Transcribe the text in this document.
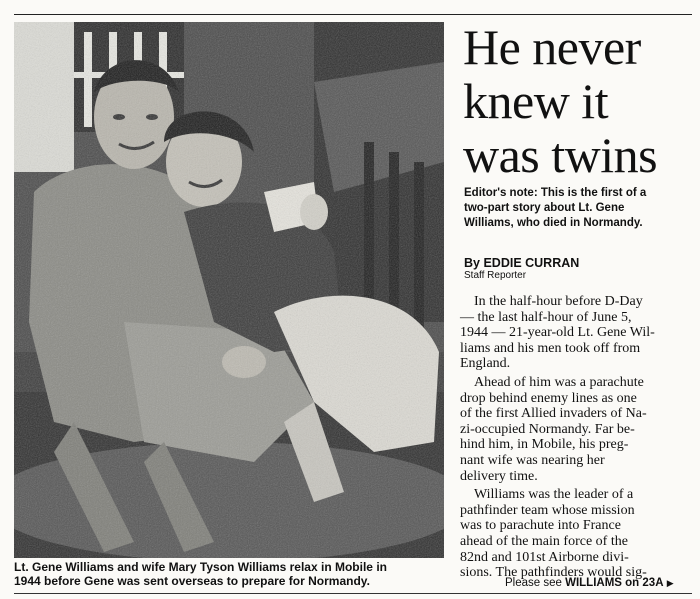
Lt. Gene Williams and wife Mary Tyson Williams relax in Mobile in
1944 before Gene was sent overseas to prepare for Normandy.
He never
knew it
was twins
Editor's note: This is the first of a
two-part story about Lt. Gene
Williams, who died in Normandy.
By EDDIE CURRAN
Staff Reporter
In the half-hour before D-Day
— the last half-hour of June 5,
1944 — 21-year-old Lt. Gene Wil-
liams and his men took off from
England.
Ahead of him was a parachute
drop behind enemy lines as one
of the first Allied invaders of Na-
zi-occupied Normandy. Far be-
hind him, in Mobile, his preg-
nant wife was nearing her
delivery time.
Williams was the leader of a
pathfinder team whose mission
was to parachute into France
ahead of the main force of the
82nd and 101st Airborne divi-
sions. The pathfinders would sig-
Please see WILLIAMS on 23A ▶
